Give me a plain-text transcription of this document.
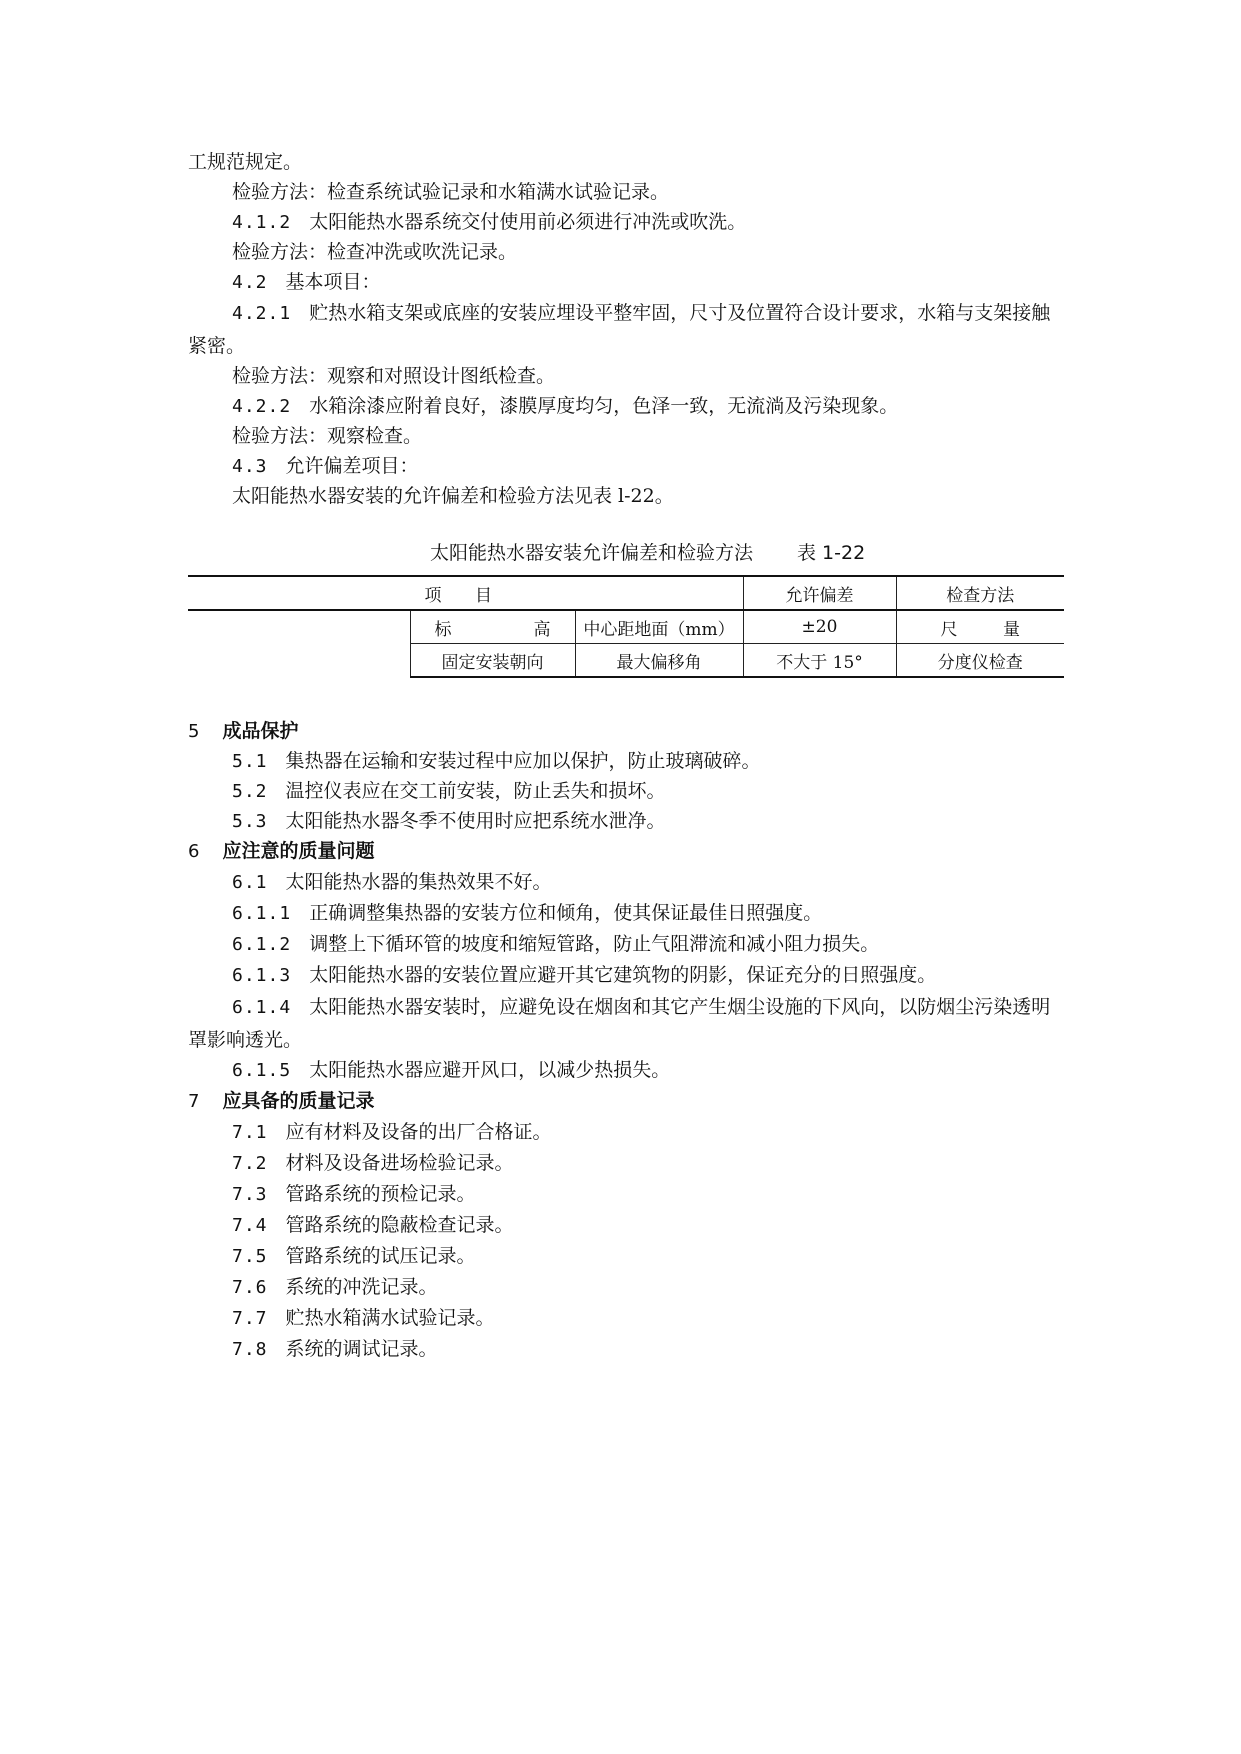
工规范规定。
检验方法：检查系统试验记录和水箱满水试验记录。
4.1.2 太阳能热水器系统交付使用前必须进行冲洗或吹洗。
检验方法：检查冲洗或吹洗记录。
4.2 基本项目：
4.2.1 贮热水箱支架或底座的安装应埋设平整牢固，尺寸及位置符合设计要求，水箱与支架接触紧密。
检验方法：观察和对照设计图纸检查。
4.2.2 水箱涂漆应附着良好，漆膜厚度均匀，色泽一致，无流淌及污染现象。
检验方法：观察检查。
4.3 允许偏差项目：
太阳能热水器安装的允许偏差和检验方法见表 l-22。
太阳能热水器安装允许偏差和检验方法 表 1-22
项 目			允许偏差	检查方法

	标 高	中心距地面（mm）	±20	尺 量

	固定安装朝向	最大偏移角	不大于 15°	分度仪检查
5 成品保护
5.1 集热器在运输和安装过程中应加以保护，防止玻璃破碎。
5.2 温控仪表应在交工前安装，防止丢失和损坏。
5.3 太阳能热水器冬季不使用时应把系统水泄净。
6 应注意的质量问题
6.1 太阳能热水器的集热效果不好。
6.1.1 正确调整集热器的安装方位和倾角，使其保证最佳日照强度。
6.1.2 调整上下循环管的坡度和缩短管路，防止气阻滞流和减小阻力损失。
6.1.3 太阳能热水器的安装位置应避开其它建筑物的阴影，保证充分的日照强度。
6.1.4 太阳能热水器安装时，应避免设在烟囱和其它产生烟尘设施的下风向，以防烟尘污染透明罩影响透光。
6.1.5 太阳能热水器应避开风口，以减少热损失。
7 应具备的质量记录
7.1 应有材料及设备的出厂合格证。
7.2 材料及设备进场检验记录。
7.3 管路系统的预检记录。
7.4 管路系统的隐蔽检查记录。
7.5 管路系统的试压记录。
7.6 系统的冲洗记录。
7.7 贮热水箱满水试验记录。
7.8 系统的调试记录。
